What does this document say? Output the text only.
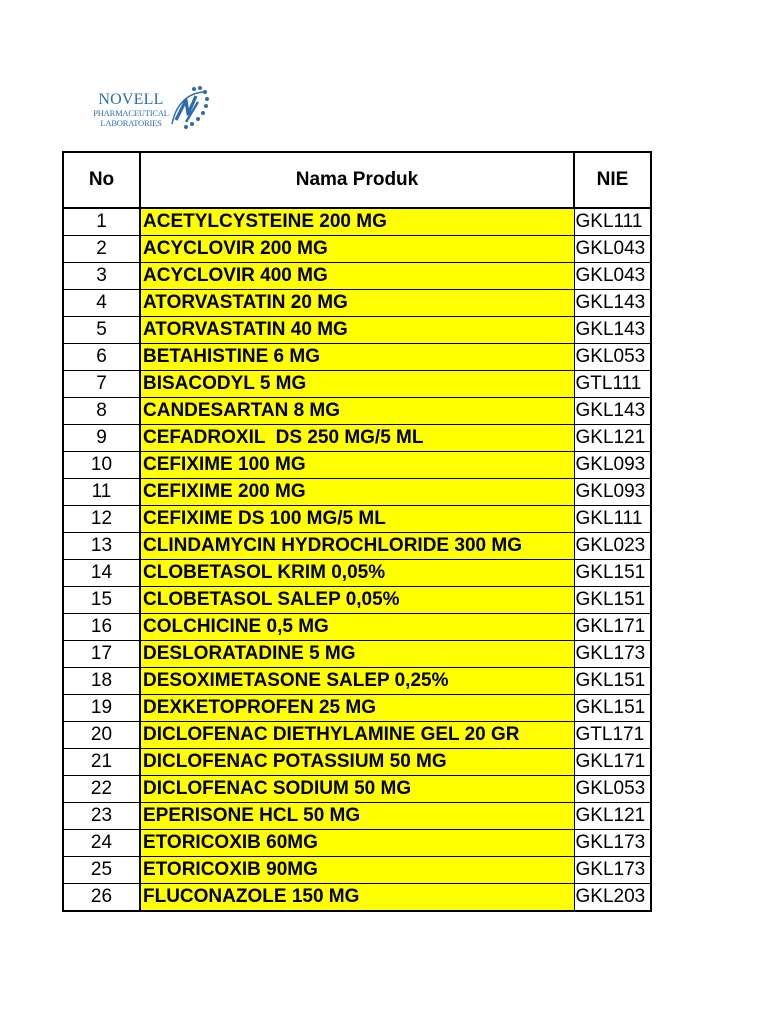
NOVELL
PHARMACEUTICAL
LABORATORIES
No	Nama Produk	NIE
1	ACETYLCYSTEINE 200 MG	GKL111
2	ACYCLOVIR 200 MG	GKL043
3	ACYCLOVIR 400 MG	GKL043
4	ATORVASTATIN 20 MG	GKL143
5	ATORVASTATIN 40 MG	GKL143
6	BETAHISTINE 6 MG	GKL053
7	BISACODYL 5 MG	GTL111
8	CANDESARTAN 8 MG	GKL143
9	CEFADROXIL  DS 250 MG/5 ML	GKL121
10	CEFIXIME 100 MG	GKL093
11	CEFIXIME 200 MG	GKL093
12	CEFIXIME DS 100 MG/5 ML	GKL111
13	CLINDAMYCIN HYDROCHLORIDE 300 MG	GKL023
14	CLOBETASOL KRIM 0,05%	GKL151
15	CLOBETASOL SALEP 0,05%	GKL151
16	COLCHICINE 0,5 MG	GKL171
17	DESLORATADINE 5 MG	GKL173
18	DESOXIMETASONE SALEP 0,25%	GKL151
19	DEXKETOPROFEN 25 MG	GKL151
20	DICLOFENAC DIETHYLAMINE GEL 20 GR	GTL171
21	DICLOFENAC POTASSIUM 50 MG	GKL171
22	DICLOFENAC SODIUM 50 MG	GKL053
23	EPERISONE HCL 50 MG	GKL121
24	ETORICOXIB 60MG	GKL173
25	ETORICOXIB 90MG	GKL173
26	FLUCONAZOLE 150 MG	GKL203
